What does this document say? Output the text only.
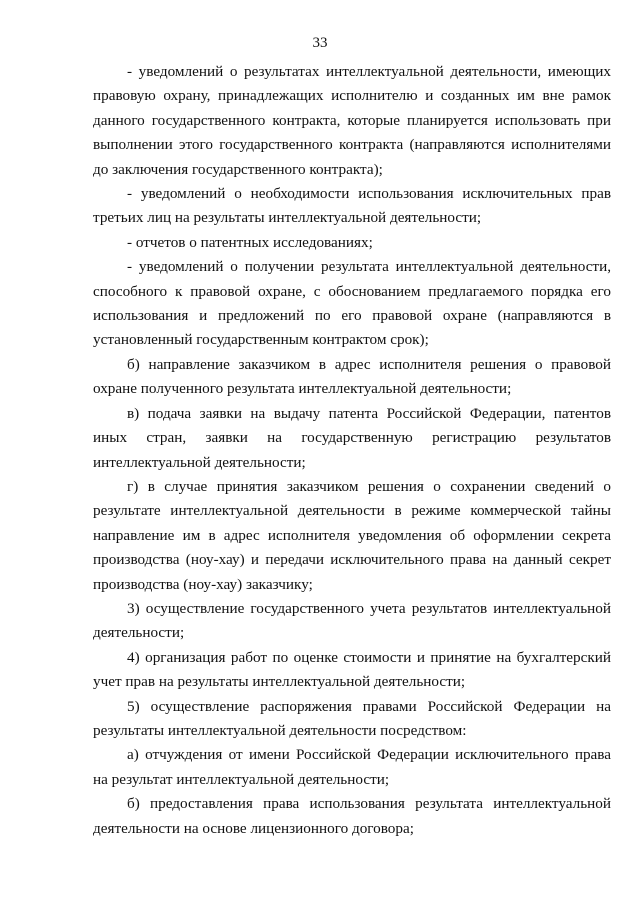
33

- уведомлений о результатах интеллектуальной деятельности, имеющих правовую охрану, принадлежащих исполнителю и созданных им вне рамок данного государственного контракта, которые планируется использовать при выполнении этого государственного контракта (направляются исполнителями до заключения государственного контракта);

- уведомлений о необходимости использования исключительных прав третьих лиц на результаты интеллектуальной деятельности;

- отчетов о патентных исследованиях;

- уведомлений о получении результата интеллектуальной деятельности, способного к правовой охране, с обоснованием предлагаемого порядка его использования и предложений по его правовой охране (направляются в установленный государственным контрактом срок);

б) направление заказчиком в адрес исполнителя решения о правовой охране полученного результата интеллектуальной деятельности;

в) подача заявки на выдачу патента Российской Федерации, патентов иных стран, заявки на государственную регистрацию результатов интеллектуальной деятельности;

г) в случае принятия заказчиком решения о сохранении сведений о результате интеллектуальной деятельности в режиме коммерческой тайны направление им в адрес исполнителя уведомления об оформлении секрета производства (ноу-хау) и передачи исключительного права на данный секрет производства (ноу-хау) заказчику;

3) осуществление государственного учета результатов интеллектуальной деятельности;

4) организация работ по оценке стоимости и принятие на бухгалтерский учет прав на результаты интеллектуальной деятельности;

5) осуществление распоряжения правами Российской Федерации на результаты интеллектуальной деятельности посредством:

а) отчуждения от имени Российской Федерации исключительного права на результат интеллектуальной деятельности;

б) предоставления права использования результата интеллектуальной деятельности на основе лицензионного договора;
